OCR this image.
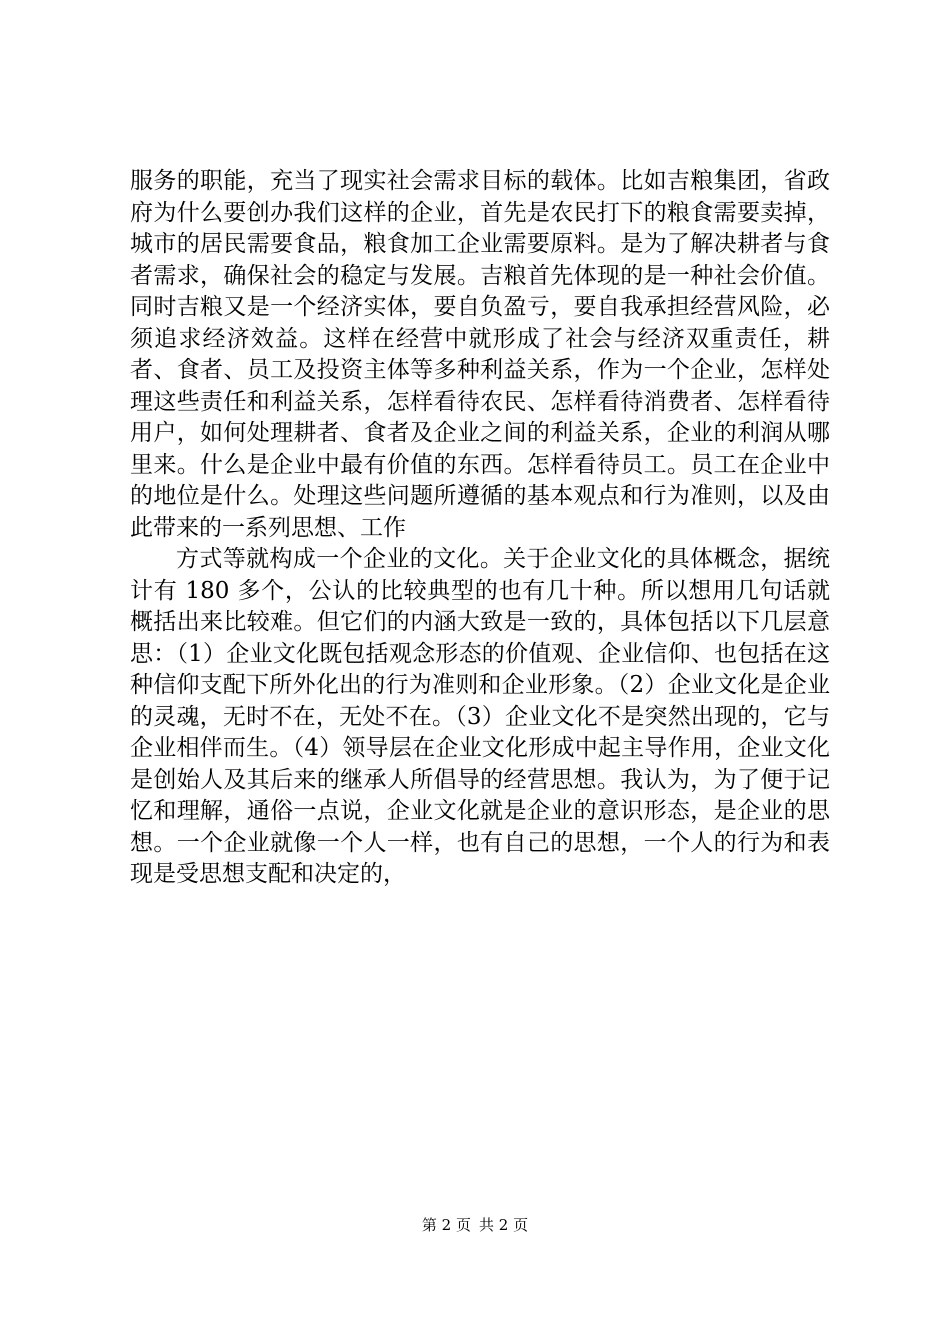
服务的职能，充当了现实社会需求目标的载体。比如吉粮集团，省政府为什么要创办我们这样的企业，首先是农民打下的粮食需要卖掉，城市的居民需要食品，粮食加工企业需要原料。是为了解决耕者与食者需求，确保社会的稳定与发展。吉粮首先体现的是一种社会价值。同时吉粮又是一个经济实体，要自负盈亏，要自我承担经营风险，必须追求经济效益。这样在经营中就形成了社会与经济双重责任，耕者、食者、员工及投资主体等多种利益关系，作为一个企业，怎样处理这些责任和利益关系，怎样看待农民、怎样看待消费者、怎样看待用户，如何处理耕者、食者及企业之间的利益关系，企业的利润从哪里来。什么是企业中最有价值的东西。怎样看待员工。员工在企业中的地位是什么。处理这些问题所遵循的基本观点和行为准则，以及由此带来的一系列思想、工作

方式等就构成一个企业的文化。关于企业文化的具体概念，据统计有 180 多个，公认的比较典型的也有几十种。所以想用几句话就概括出来比较难。但它们的内涵大致是一致的，具体包括以下几层意思：（1）企业文化既包括观念形态的价值观、企业信仰、也包括在这种信仰支配下所外化出的行为准则和企业形象。（2）企业文化是企业的灵魂，无时不在，无处不在。（3）企业文化不是突然出现的，它与企业相伴而生。（4）领导层在企业文化形成中起主导作用，企业文化是创始人及其后来的继承人所倡导的经营思想。我认为，为了便于记忆和理解，通俗一点说，企业文化就是企业的意识形态，是企业的思想。一个企业就像一个人一样，也有自己的思想，一个人的行为和表现是受思想支配和决定的，

第 2 页 共 2 页
